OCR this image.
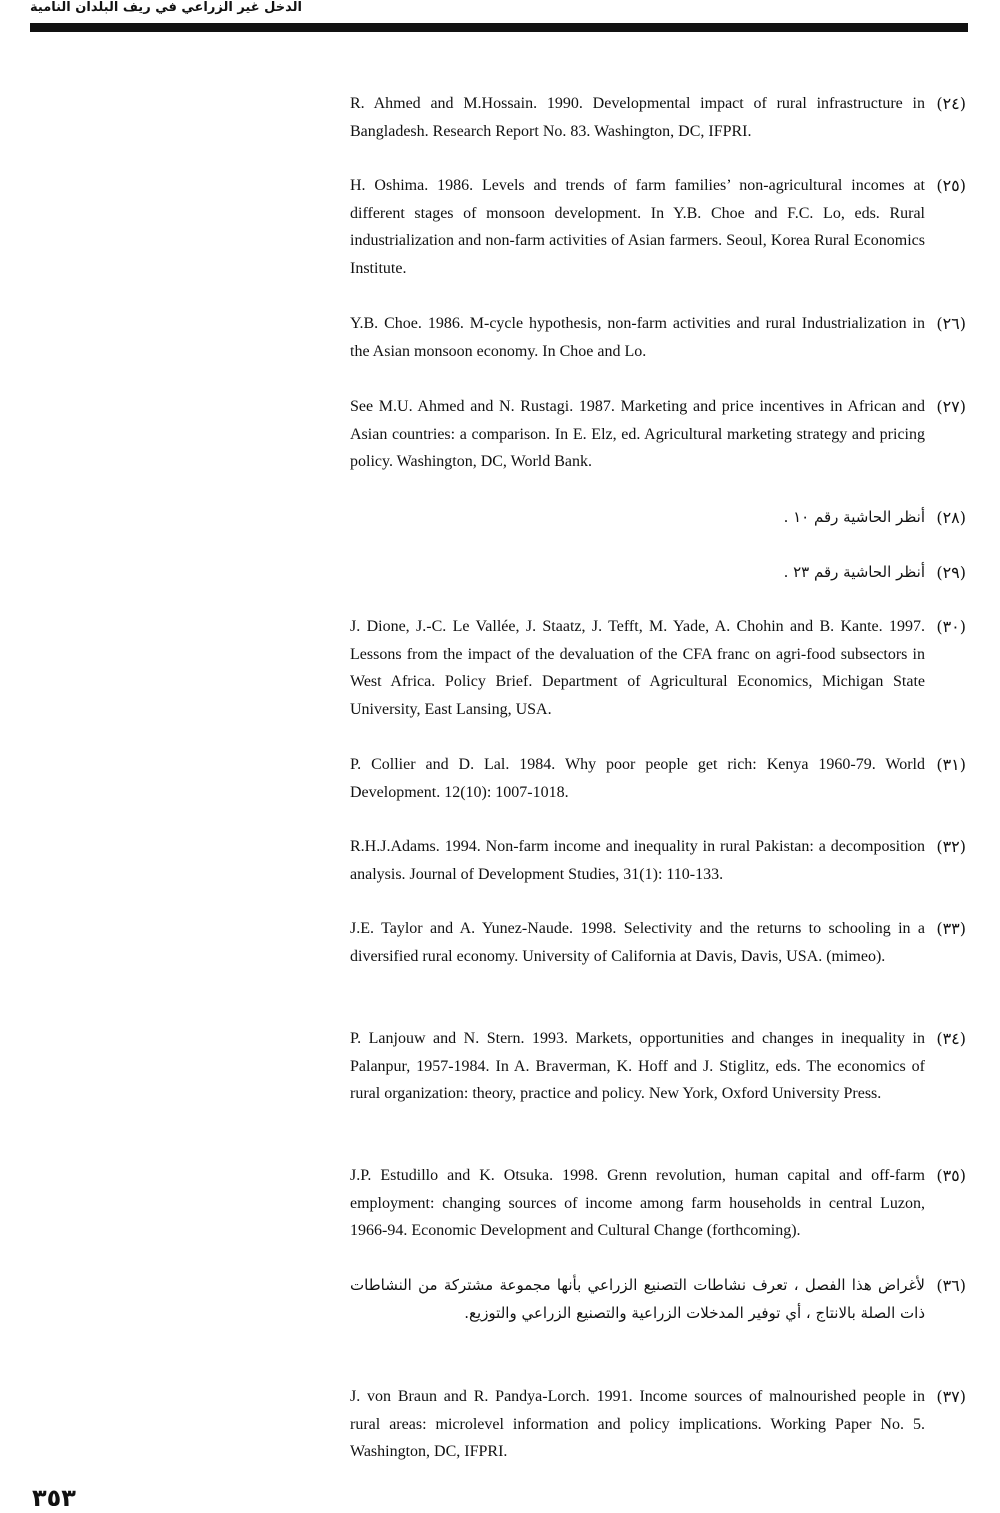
الدخل غير الزراعي في ريف البلدان النامية
(٢٤)

R. Ahmed and M.Hossain. 1990. Developmental impact of rural infrastructure in Bangladesh. Research Report No. 83. Washington, DC, IFPRI.

(٢٥)

H. Oshima. 1986. Levels and trends of farm families’ non-agricultural incomes at different stages of monsoon development. In Y.B. Choe and F.C. Lo, eds. Rural industrialization and non-farm activities of Asian farmers. Seoul, Korea Rural Economics Institute.

(٢٦)

Y.B. Choe. 1986. M-cycle hypothesis, non-farm activities and rural Industrialization in the Asian monsoon economy. In Choe and Lo.

(٢٧)

See M.U. Ahmed and N. Rustagi. 1987. Marketing and price incentives in African and Asian countries: a comparison. In E. Elz, ed. Agricultural marketing strategy and pricing policy. Washington, DC, World Bank.

(٢٨)

أنظر الحاشية رقم ١٠ .

(٢٩)

أنظر الحاشية رقم ٢٣ .

(٣٠)

J. Dione, J.-C. Le Vallée, J. Staatz, J. Tefft, M. Yade, A. Chohin and B. Kante. 1997. Lessons from the impact of the devaluation of the CFA franc on agri-food subsectors in West Africa. Policy Brief. Department of Agricultural Economics, Michigan State University, East Lansing, USA.

(٣١)

P. Collier and D. Lal. 1984. Why poor people get rich: Kenya 1960-79. World Development. 12(10): 1007-1018.

(٣٢)

R.H.J.Adams. 1994. Non-farm income and inequality in rural Pakistan: a decomposition analysis. Journal of Development Studies, 31(1): 110-133.

(٣٣)

J.E. Taylor and A. Yunez-Naude. 1998. Selectivity and the returns to schooling in a diversified rural economy. University of California at Davis, Davis, USA. (mimeo).

(٣٤)

P. Lanjouw and N. Stern. 1993. Markets, opportunities and changes in inequality in Palanpur, 1957-1984. In A. Braverman, K. Hoff and J. Stiglitz, eds. The economics of rural organization: theory, practice and policy. New York, Oxford University Press.

(٣٥)

J.P. Estudillo and K. Otsuka. 1998. Grenn revolution, human capital and off-farm employment: changing sources of income among farm households in central Luzon, 1966-94. Economic Development and Cultural Change (forthcoming).

(٣٦)

لأغراض هذا الفصل ، تعرف نشاطات التصنيع الزراعي بأنها مجموعة مشتركة من النشاطات ذات الصلة بالانتاج ، أي توفير المدخلات الزراعية والتصنيع الزراعي والتوزيع.

(٣٧)

J. von Braun and R. Pandya-Lorch. 1991. Income sources of malnourished people in rural areas: microlevel information and policy implications. Working Paper No. 5. Washington, DC, IFPRI.

٣٥٣
